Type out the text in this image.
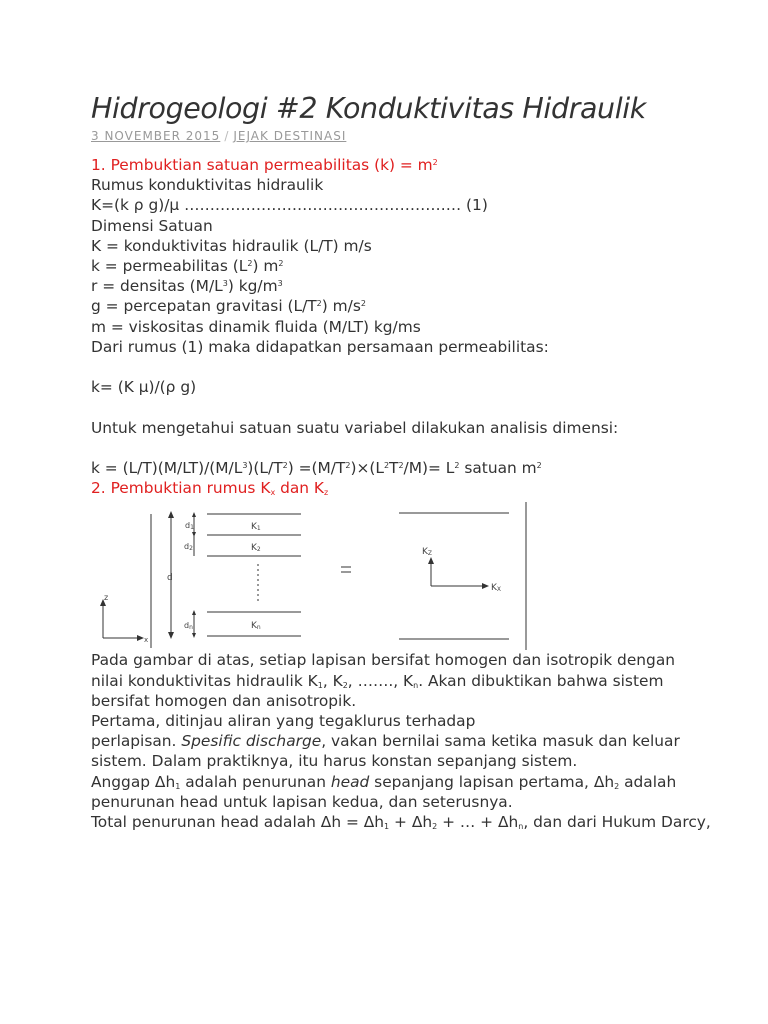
Hidrogeologi #2 Konduktivitas Hidraulik
3 NOVEMBER 2015 / JEJAK DESTINASI

1. Pembuktian satuan permeabilitas $(k) = m^2$

Rumus konduktivitas hidraulik

K=(k ρ g)/μ ……………………………………………… (1)

Dimensi Satuan

K = konduktivitas hidraulik (L/T) m/s

k = permeabilitas $(L^2)$ $m^2$

r = densitas $(M/L^3)$ $kg/m^3$

g = percepatan gravitasi $(L/T^2)$ $m/s^2$

m = viskositas dinamik fluida (M/LT) kg/ms

Dari rumus (1) maka didapatkan persamaan permeabilitas:

k= (K μ)/(ρ g)

Untuk mengetahui satuan suatu variabel dilakukan analisis dimensi:

$k = (L/T)(M/LT)/(M/L^3)(L/T^2) =(M/T^2)\times(L^2T^2/M)= L^2$ satuan $m^2$

2. Pembuktian rumus $K_x$ dan $K_z$

d
d1
d2
dn
K1
K2
Kn
z
x
KZ
KX

Pada gambar di atas, setiap lapisan bersifat homogen dan isotropik dengan nilai konduktivitas hidraulik $K_1$, $K_2$, ……., $K_n$. Akan dibuktikan bahwa sistem bersifat homogen dan anisotropik.

Pertama, ditinjau aliran yang tegaklurus terhadap

perlapisan. Spesific discharge, vakan bernilai sama ketika masuk dan keluar sistem. Dalam praktiknya, itu harus konstan sepanjang sistem.

Anggap $\Delta h_1$ adalah penurunan head sepanjang lapisan pertama, $\Delta h_2$ adalah penurunan head untuk lapisan kedua, dan seterusnya.

Total penurunan head adalah $\Delta h = \Delta h_1 + \Delta h_2$ + … + $\Delta h_n$, dan dari Hukum Darcy,
